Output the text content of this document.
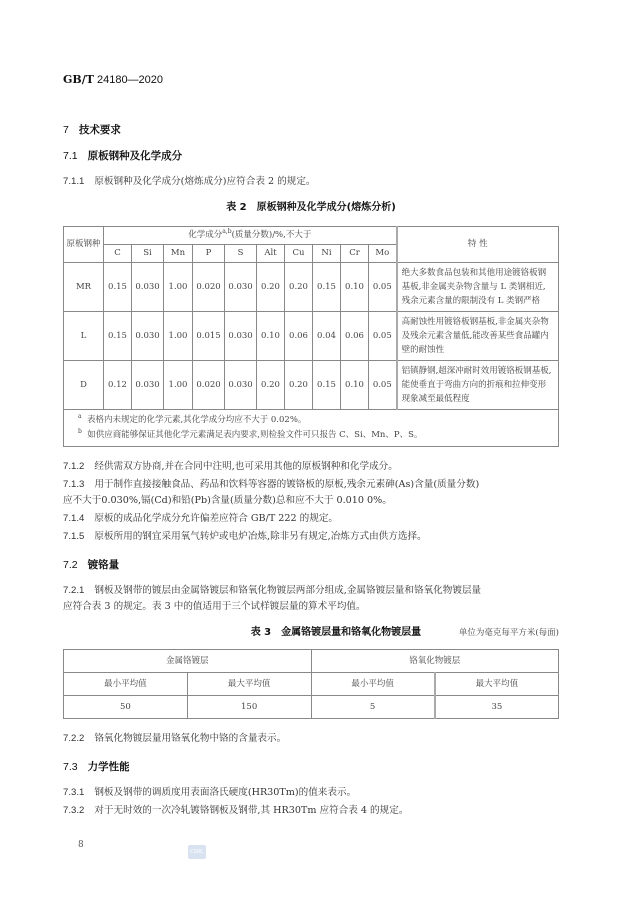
GB/T 24180—2020
7 技术要求
7.1 原板钢种及化学成分
7.1.1 原板钢种及化学成分(熔炼成分)应符合表 2 的规定。
表 2　原板钢种及化学成分(熔炼分析)
原板钢种	化学成分$^{a,b}$(质量分数)/%,不大于										特 性
	C	Si	Mn	P	S	Alt	Cu	Ni	Cr	Mo	
MR	0.15	0.030	1.00	0.020	0.030	0.20	0.20	0.15	0.10	0.05	绝大多数食品包装和其他用途镀铬板钢基板,非金属夹杂物含量与 L 类钢相近,残余元素含量的限制没有 L 类钢严格
L	0.15	0.030	1.00	0.015	0.030	0.10	0.06	0.04	0.06	0.05	高耐蚀性用镀铬板钢基板,非金属夹杂物及残余元素含量低,能改善某些食品罐内壁的耐蚀性
D	0.12	0.030	1.00	0.020	0.030	0.20	0.20	0.15	0.10	0.05	铝镇静钢,超深冲耐时效用镀铬板钢基板,能使垂直于弯曲方向的折痕和拉伸变形现象减至最低程度

$^a$ 表格内未规定的化学元素,其化学成分均应不大于 0.02%。
$^b$ 如供应商能够保证其他化学元素满足表内要求,则检验文件可只报告 C、Si、Mn、P、S。											
7.1.2 经供需双方协商,并在合同中注明,也可采用其他的原板钢种和化学成分。
7.1.3 用于制作直接接触食品、药品和饮料等容器的镀铬板的原板,残余元素砷(As)含量(质量分数)
应不大于0.030%,镉(Cd)和铅(Pb)含量(质量分数)总和应不大于 0.010 0%。
7.1.4 原板的成品化学成分允许偏差应符合 GB/T 222 的规定。
7.1.5 原板所用的钢宜采用氧气转炉或电炉冶炼,除非另有规定,冶炼方式由供方选择。
7.2 镀铬量
7.2.1 钢板及钢带的镀层由金属铬镀层和铬氧化物镀层两部分组成,金属铬镀层量和铬氧化物镀层量
应符合表 3 的规定。表 3 中的值适用于三个试样镀层量的算术平均值。
表 3　金属铬镀层量和铬氧化物镀层量	单位为毫克每平方米(每面)
金属铬镀层		铬氧化物镀层	
最小平均值	最大平均值	最小平均值	最大平均值
50	150	5	35
7.2.2 铬氧化物镀层量用铬氧化物中铬的含量表示。
7.3 力学性能
7.3.1 钢板及钢带的调质度用表面洛氏硬度(HR30Tm)的值来表示。
7.3.2 对于无时效的一次冷轧镀铬钢板及钢带,其 HR30Tm 应符合表 4 的规定。
8
CSRC
